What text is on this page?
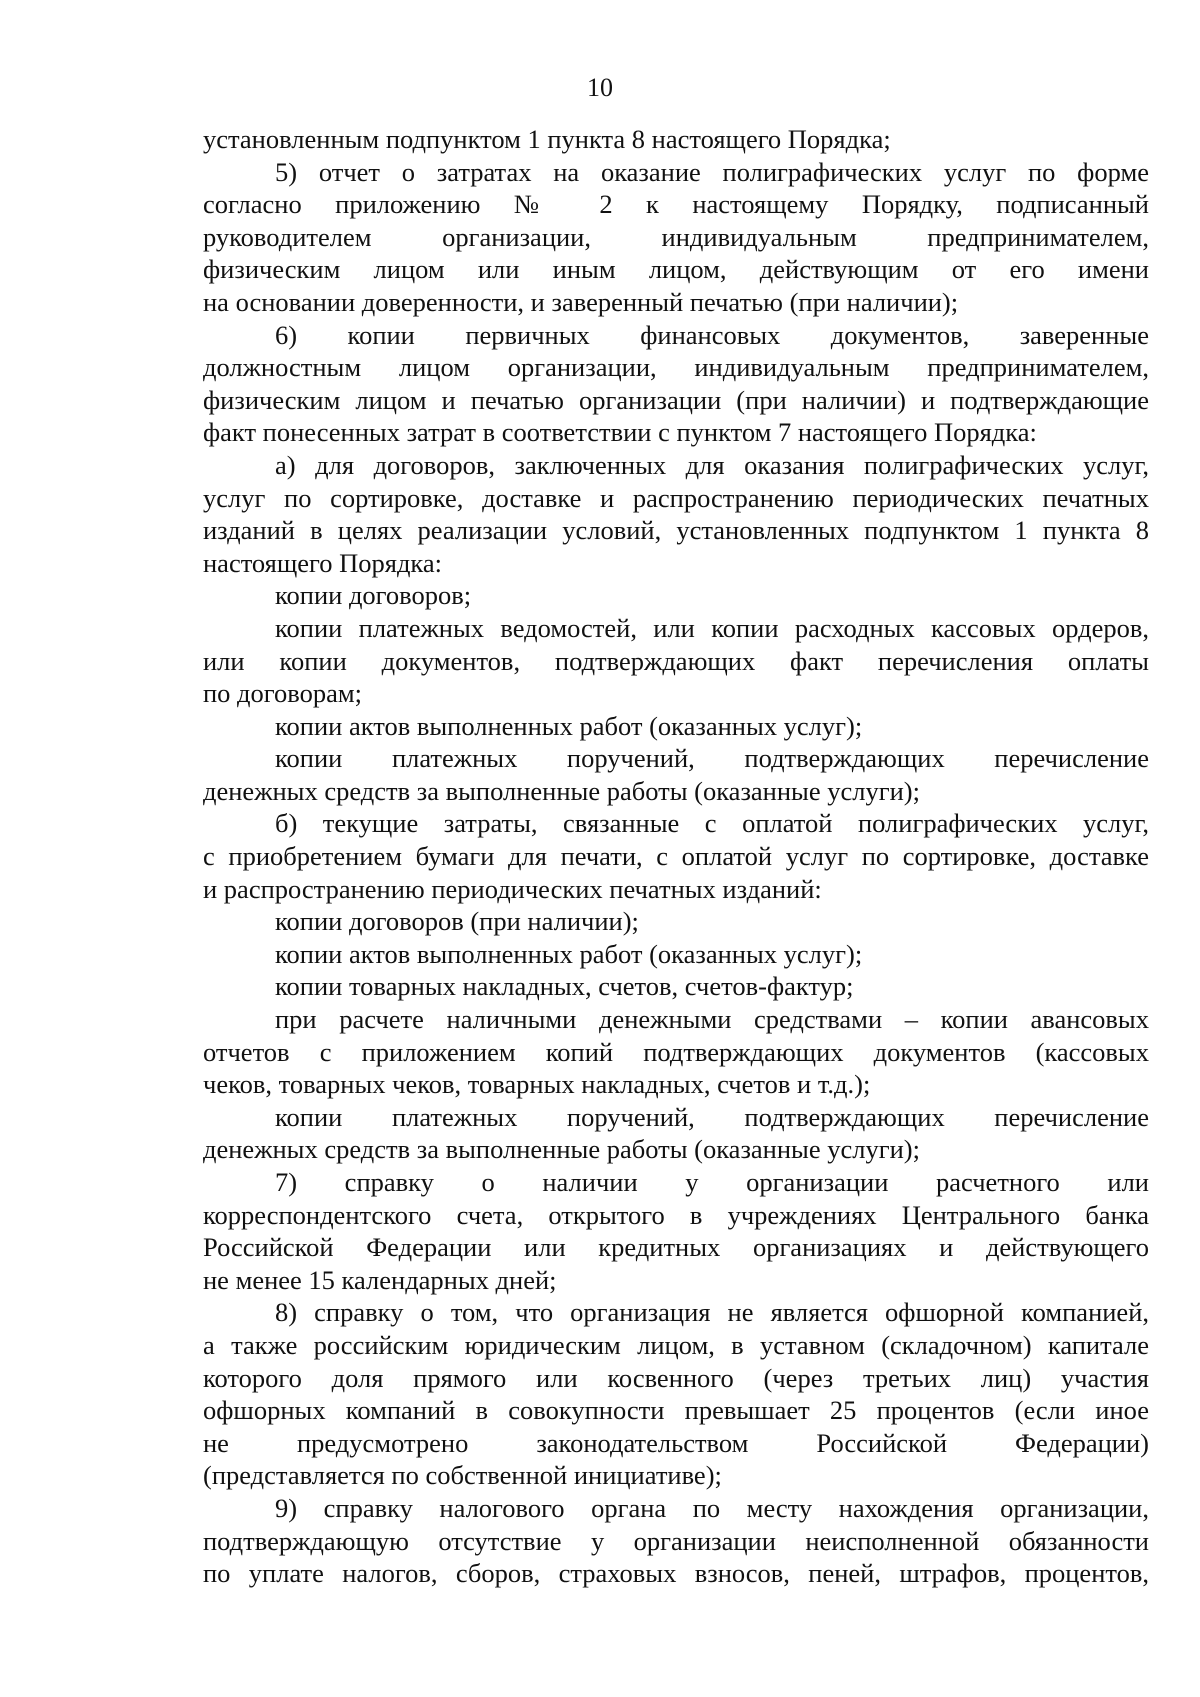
10
установленным подпунктом 1 пункта 8 настоящего Порядка;
5) отчет о затратах на оказание полиграфических услуг по форме
согласно приложению № 2 к настоящему Порядку, подписанный
руководителем организации, индивидуальным предпринимателем,
физическим лицом или иным лицом, действующим от его имени
на основании доверенности, и заверенный печатью (при наличии);
6) копии первичных финансовых документов, заверенные
должностным лицом организации, индивидуальным предпринимателем,
физическим лицом и печатью организации (при наличии) и подтверждающие
факт понесенных затрат в соответствии с пунктом 7 настоящего Порядка:
а) для договоров, заключенных для оказания полиграфических услуг,
услуг по сортировке, доставке и распространению периодических печатных
изданий в целях реализации условий, установленных подпунктом 1 пункта 8
настоящего Порядка:
копии договоров;
копии платежных ведомостей, или копии расходных кассовых ордеров,
или копии документов, подтверждающих факт перечисления оплаты
по договорам;
копии актов выполненных работ (оказанных услуг);
копии платежных поручений, подтверждающих перечисление
денежных средств за выполненные работы (оказанные услуги);
б) текущие затраты, связанные с оплатой полиграфических услуг,
с приобретением бумаги для печати, с оплатой услуг по сортировке, доставке
и распространению периодических печатных изданий:
копии договоров (при наличии);
копии актов выполненных работ (оказанных услуг);
копии товарных накладных, счетов, счетов-фактур;
при расчете наличными денежными средствами – копии авансовых
отчетов с приложением копий подтверждающих документов (кассовых
чеков, товарных чеков, товарных накладных, счетов и т.д.);
копии платежных поручений, подтверждающих перечисление
денежных средств за выполненные работы (оказанные услуги);
7) справку о наличии у организации расчетного или
корреспондентского счета, открытого в учреждениях Центрального банка
Российской Федерации или кредитных организациях и действующего
не менее 15 календарных дней;
8) справку о том, что организация не является офшорной компанией,
а также российским юридическим лицом, в уставном (складочном) капитале
которого доля прямого или косвенного (через третьих лиц) участия
офшорных компаний в совокупности превышает 25 процентов (если иное
не предусмотрено законодательством Российской Федерации)
(представляется по собственной инициативе);
9) справку налогового органа по месту нахождения организации,
подтверждающую отсутствие у организации неисполненной обязанности
по уплате налогов, сборов, страховых взносов, пеней, штрафов, процентов,
